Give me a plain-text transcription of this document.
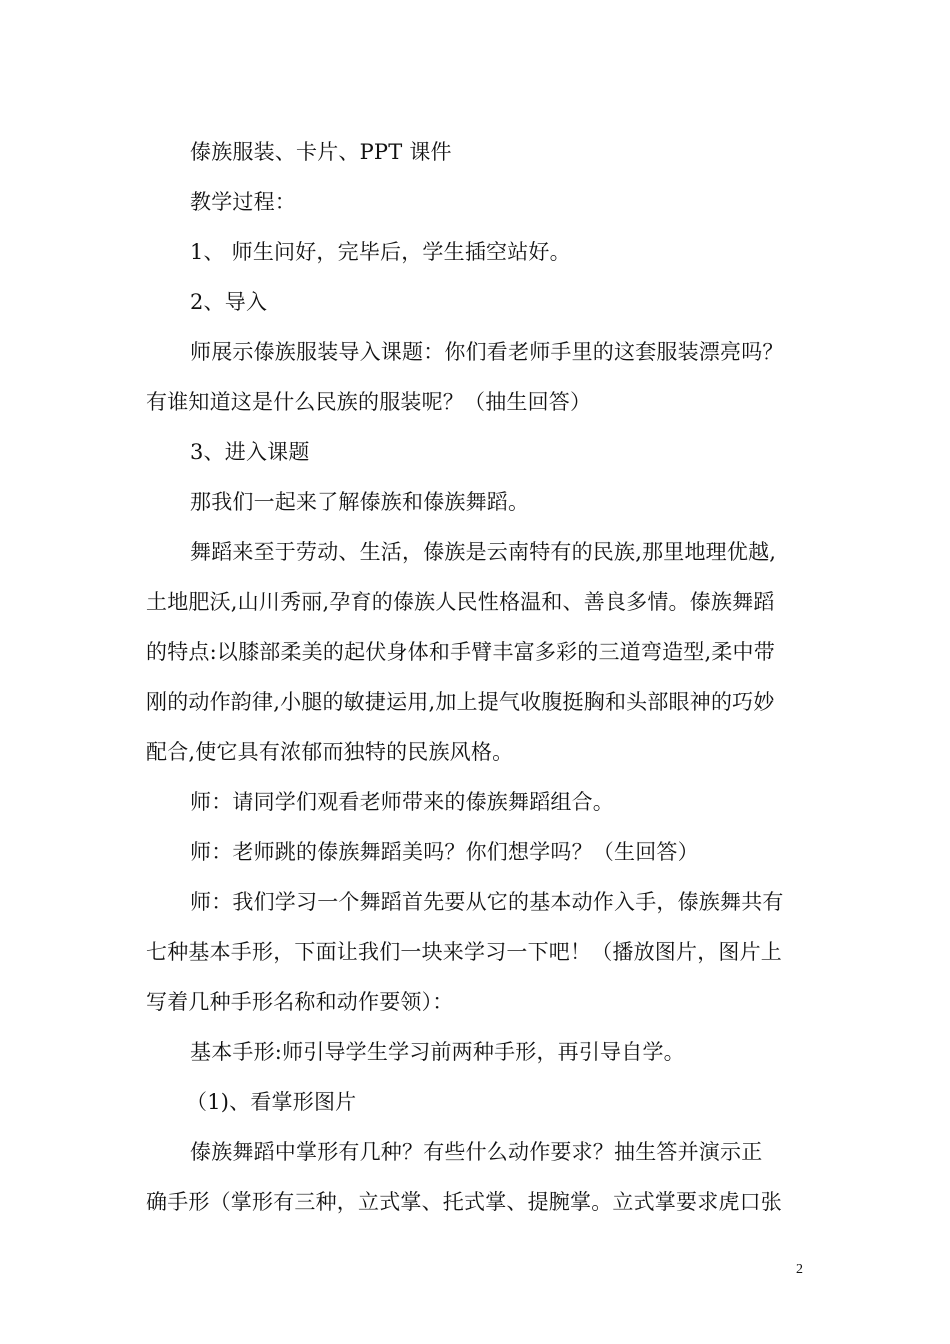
傣族服装、卡片、PPT 课件
教学过程：
1、 师生问好，完毕后，学生插空站好。
2、导入
师展示傣族服装导入课题：你们看老师手里的这套服装漂亮吗？
有谁知道这是什么民族的服装呢？（抽生回答）
3、进入课题
那我们一起来了解傣族和傣族舞蹈。
舞蹈来至于劳动、生活，傣族是云南特有的民族,那里地理优越,
土地肥沃,山川秀丽,孕育的傣族人民性格温和、善良多情。傣族舞蹈
的特点:以膝部柔美的起伏身体和手臂丰富多彩的三道弯造型,柔中带
刚的动作韵律,小腿的敏捷运用,加上提气收腹挺胸和头部眼神的巧妙
配合,使它具有浓郁而独特的民族风格。
师：请同学们观看老师带来的傣族舞蹈组合。
师：老师跳的傣族舞蹈美吗？你们想学吗？（生回答）
师：我们学习一个舞蹈首先要从它的基本动作入手，傣族舞共有
七种基本手形，下面让我们一块来学习一下吧！（播放图片，图片上
写着几种手形名称和动作要领）：
基本手形:师引导学生学习前两种手形，再引导自学。
（1)、看掌形图片
傣族舞蹈中掌形有几种？有些什么动作要求？抽生答并演示正
确手形（掌形有三种，立式掌、托式掌、提腕掌。立式掌要求虎口张
2
